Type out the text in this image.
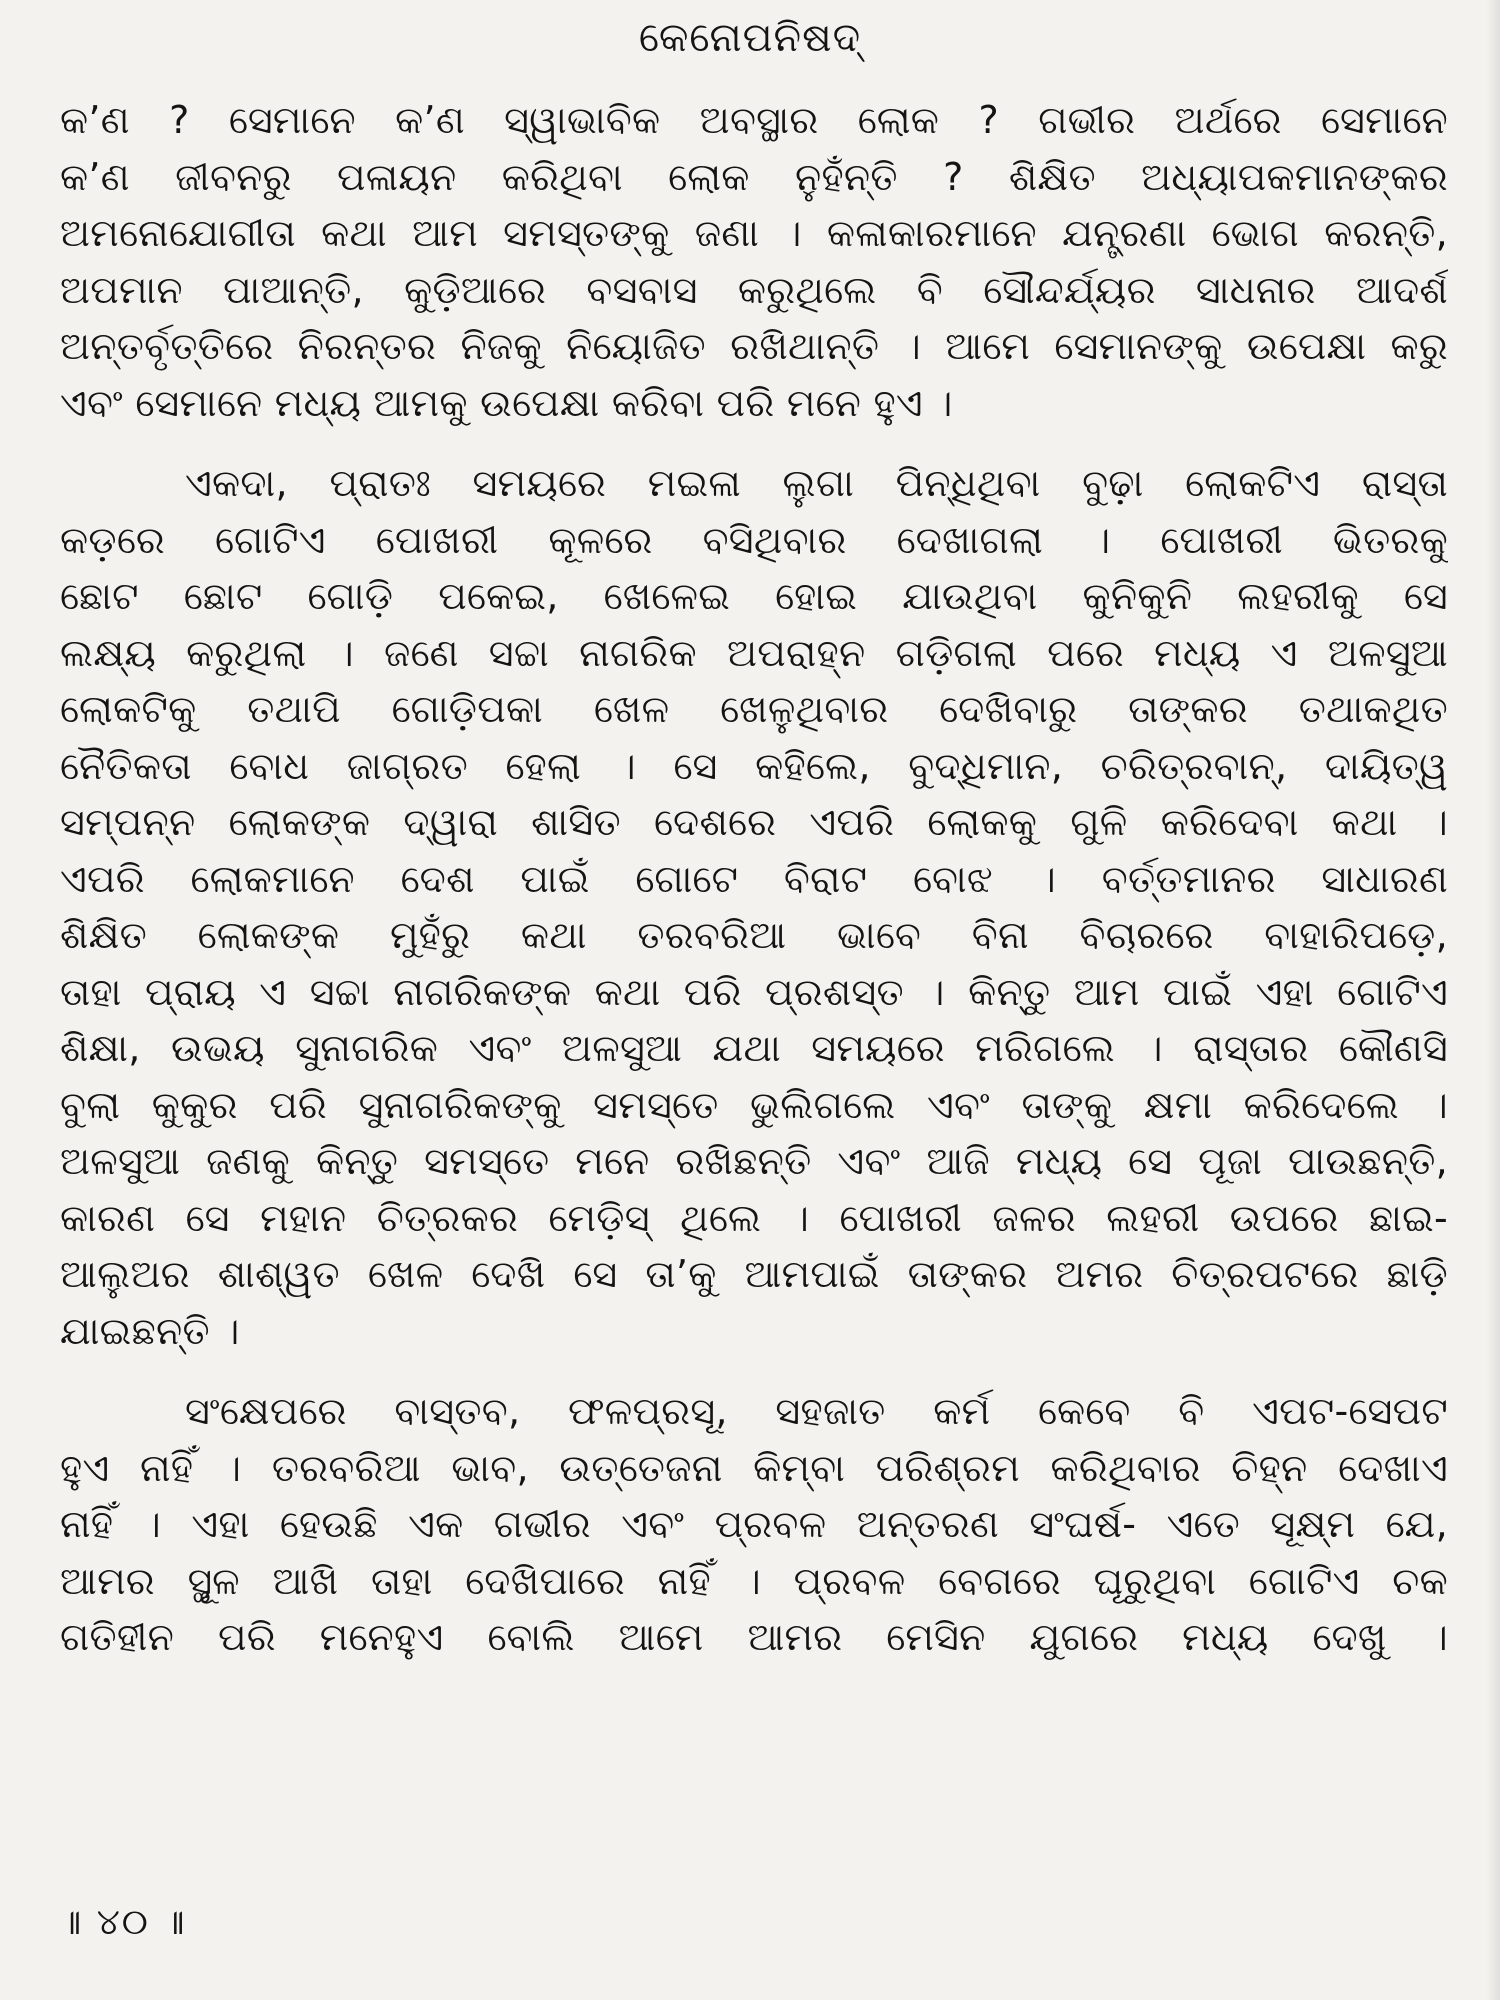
କେନୋପନିଷଦ୍

କ’ଣ ? ସେମାନେ କ’ଣ ସ୍ୱାଭାବିକ ଅବସ୍ଥାର ଲୋକ ? ଗଭୀର ଅର୍ଥରେ ସେମାନେ
କ’ଣ ଜୀବନରୁ ପଳାୟନ କରିଥିବା ଲୋକ ନୁହଁନ୍ତି ? ଶିକ୍ଷିତ ଅଧ୍ୟାପକମାନଙ୍କର
ଅମନୋଯୋଗୀତା କଥା ଆମ ସମସ୍ତଙ୍କୁ ଜଣା । କଳାକାରମାନେ ଯନ୍ତ୍ରଣା ଭୋଗ କରନ୍ତି,
ଅପମାନ ପାଆନ୍ତି, କୁଡ଼ିଆରେ ବସବାସ କରୁଥିଲେ ବି ସୌନ୍ଦର୍ଯ୍ୟର ସାଧନାର ଆଦର୍ଶ
ଅନ୍ତର୍ବୃତ୍ତିରେ ନିରନ୍ତର ନିଜକୁ ନିୟୋଜିତ ରଖିଥାନ୍ତି । ଆମେ ସେମାନଙ୍କୁ ଉପେକ୍ଷା କରୁ
ଏବଂ ସେମାନେ ମଧ୍ୟ ଆମକୁ ଉପେକ୍ଷା କରିବା ପରି ମନେ ହୁଏ ।

ଏକଦା, ପ୍ରାତଃ ସମୟରେ ମଇଳା ଲୁଗା ପିନ୍ଧିଥିବା ବୁଢ଼ା ଲୋକଟିଏ ରାସ୍ତା
କଡ଼ରେ ଗୋଟିଏ ପୋଖରୀ କୂଳରେ ବସିଥିବାର ଦେଖାଗଲା । ପୋଖରୀ ଭିତରକୁ
ଛୋଟ ଛୋଟ ଗୋଡ଼ି ପକେଇ, ଖେଳେଇ ହୋଇ ଯାଉଥିବା କୁନିକୁନି ଲହରୀକୁ ସେ
ଲକ୍ଷ୍ୟ କରୁଥିଲା । ଜଣେ ସଚ୍ଚା ନାଗରିକ ଅପରାହ୍ନ ଗଡ଼ିଗଲା ପରେ ମଧ୍ୟ ଏ ଅଳସୁଆ
ଲୋକଟିକୁ ତଥାପି ଗୋଡ଼ିପକା ଖେଳ ଖେଳୁଥିବାର ଦେଖିବାରୁ ତାଙ୍କର ତଥାକଥିତ
ନୈତିକତା ବୋଧ ଜାଗ୍ରତ ହେଲା । ସେ କହିଲେ, ବୁଦ୍ଧିମାନ, ଚରିତ୍ରବାନ୍, ଦାୟିତ୍ୱ
ସମ୍ପନ୍ନ ଲୋକଙ୍କ ଦ୍ୱାରା ଶାସିତ ଦେଶରେ ଏପରି ଲୋକକୁ ଗୁଳି କରିଦେବା କଥା ।
ଏପରି ଲୋକମାନେ ଦେଶ ପାଇଁ ଗୋଟେ ବିରାଟ ବୋଝ । ବର୍ତ୍ତମାନର ସାଧାରଣ
ଶିକ୍ଷିତ ଲୋକଙ୍କ ମୁହଁରୁ କଥା ତରବରିଆ ଭାବେ ବିନା ବିଚାରରେ ବାହାରିପଡ଼େ,
ତାହା ପ୍ରାୟ ଏ ସଚ୍ଚା ନାଗରିକଙ୍କ କଥା ପରି ପ୍ରଶସ୍ତ । କିନ୍ତୁ ଆମ ପାଇଁ ଏହା ଗୋଟିଏ
ଶିକ୍ଷା, ଉଭୟ ସୁନାଗରିକ ଏବଂ ଅଳସୁଆ ଯଥା ସମୟରେ ମରିଗଲେ । ରାସ୍ତାର କୌଣସି
ବୁଲା କୁକୁର ପରି ସୁନାଗରିକଙ୍କୁ ସମସ୍ତେ ଭୁଲିଗଲେ ଏବଂ ତାଙ୍କୁ କ୍ଷମା କରିଦେଲେ ।
ଅଳସୁଆ ଜଣକୁ କିନ୍ତୁ ସମସ୍ତେ ମନେ ରଖିଛନ୍ତି ଏବଂ ଆଜି ମଧ୍ୟ ସେ ପୂଜା ପାଉଛନ୍ତି,
କାରଣ ସେ ମହାନ ଚିତ୍ରକର ମେଡ଼ିସ୍ ଥିଲେ । ପୋଖରୀ ଜଳର ଲହରୀ ଉପରେ ଛାଇ-
ଆଲୁଅର ଶାଶ୍ୱତ ଖେଳ ଦେଖି ସେ ତା’କୁ ଆମପାଇଁ ତାଙ୍କର ଅମର ଚିତ୍ରପଟରେ ଛାଡ଼ି
ଯାଇଛନ୍ତି ।

ସଂକ୍ଷେପରେ ବାସ୍ତବ, ଫଳପ୍ରସୂ, ସହଜାତ କର୍ମ କେବେ ବି ଏପଟ-ସେପଟ
ହୁଏ ନାହିଁ । ତରବରିଆ ଭାବ, ଉତ୍ତେଜନା କିମ୍ବା ପରିଶ୍ରମ କରିଥିବାର ଚିହ୍ନ ଦେଖାଏ
ନାହିଁ । ଏହା ହେଉଛି ଏକ ଗଭୀର ଏବଂ ପ୍ରବଳ ଅନ୍ତରଣ ସଂଘର୍ଷ- ଏତେ ସୂକ୍ଷ୍ମ ଯେ,
ଆମର ସ୍ଥୂଳ ଆଖି ତାହା ଦେଖିପାରେ ନାହିଁ । ପ୍ରବଳ ବେଗରେ ଘୂରୁଥିବା ଗୋଟିଏ ଚକ
ଗତିହୀନ ପରି ମନେହୁଏ ବୋଲି ଆମେ ଆମର ମେସିନ ଯୁଗରେ ମଧ୍ୟ ଦେଖୁ ।

॥ ୪୦ ॥
